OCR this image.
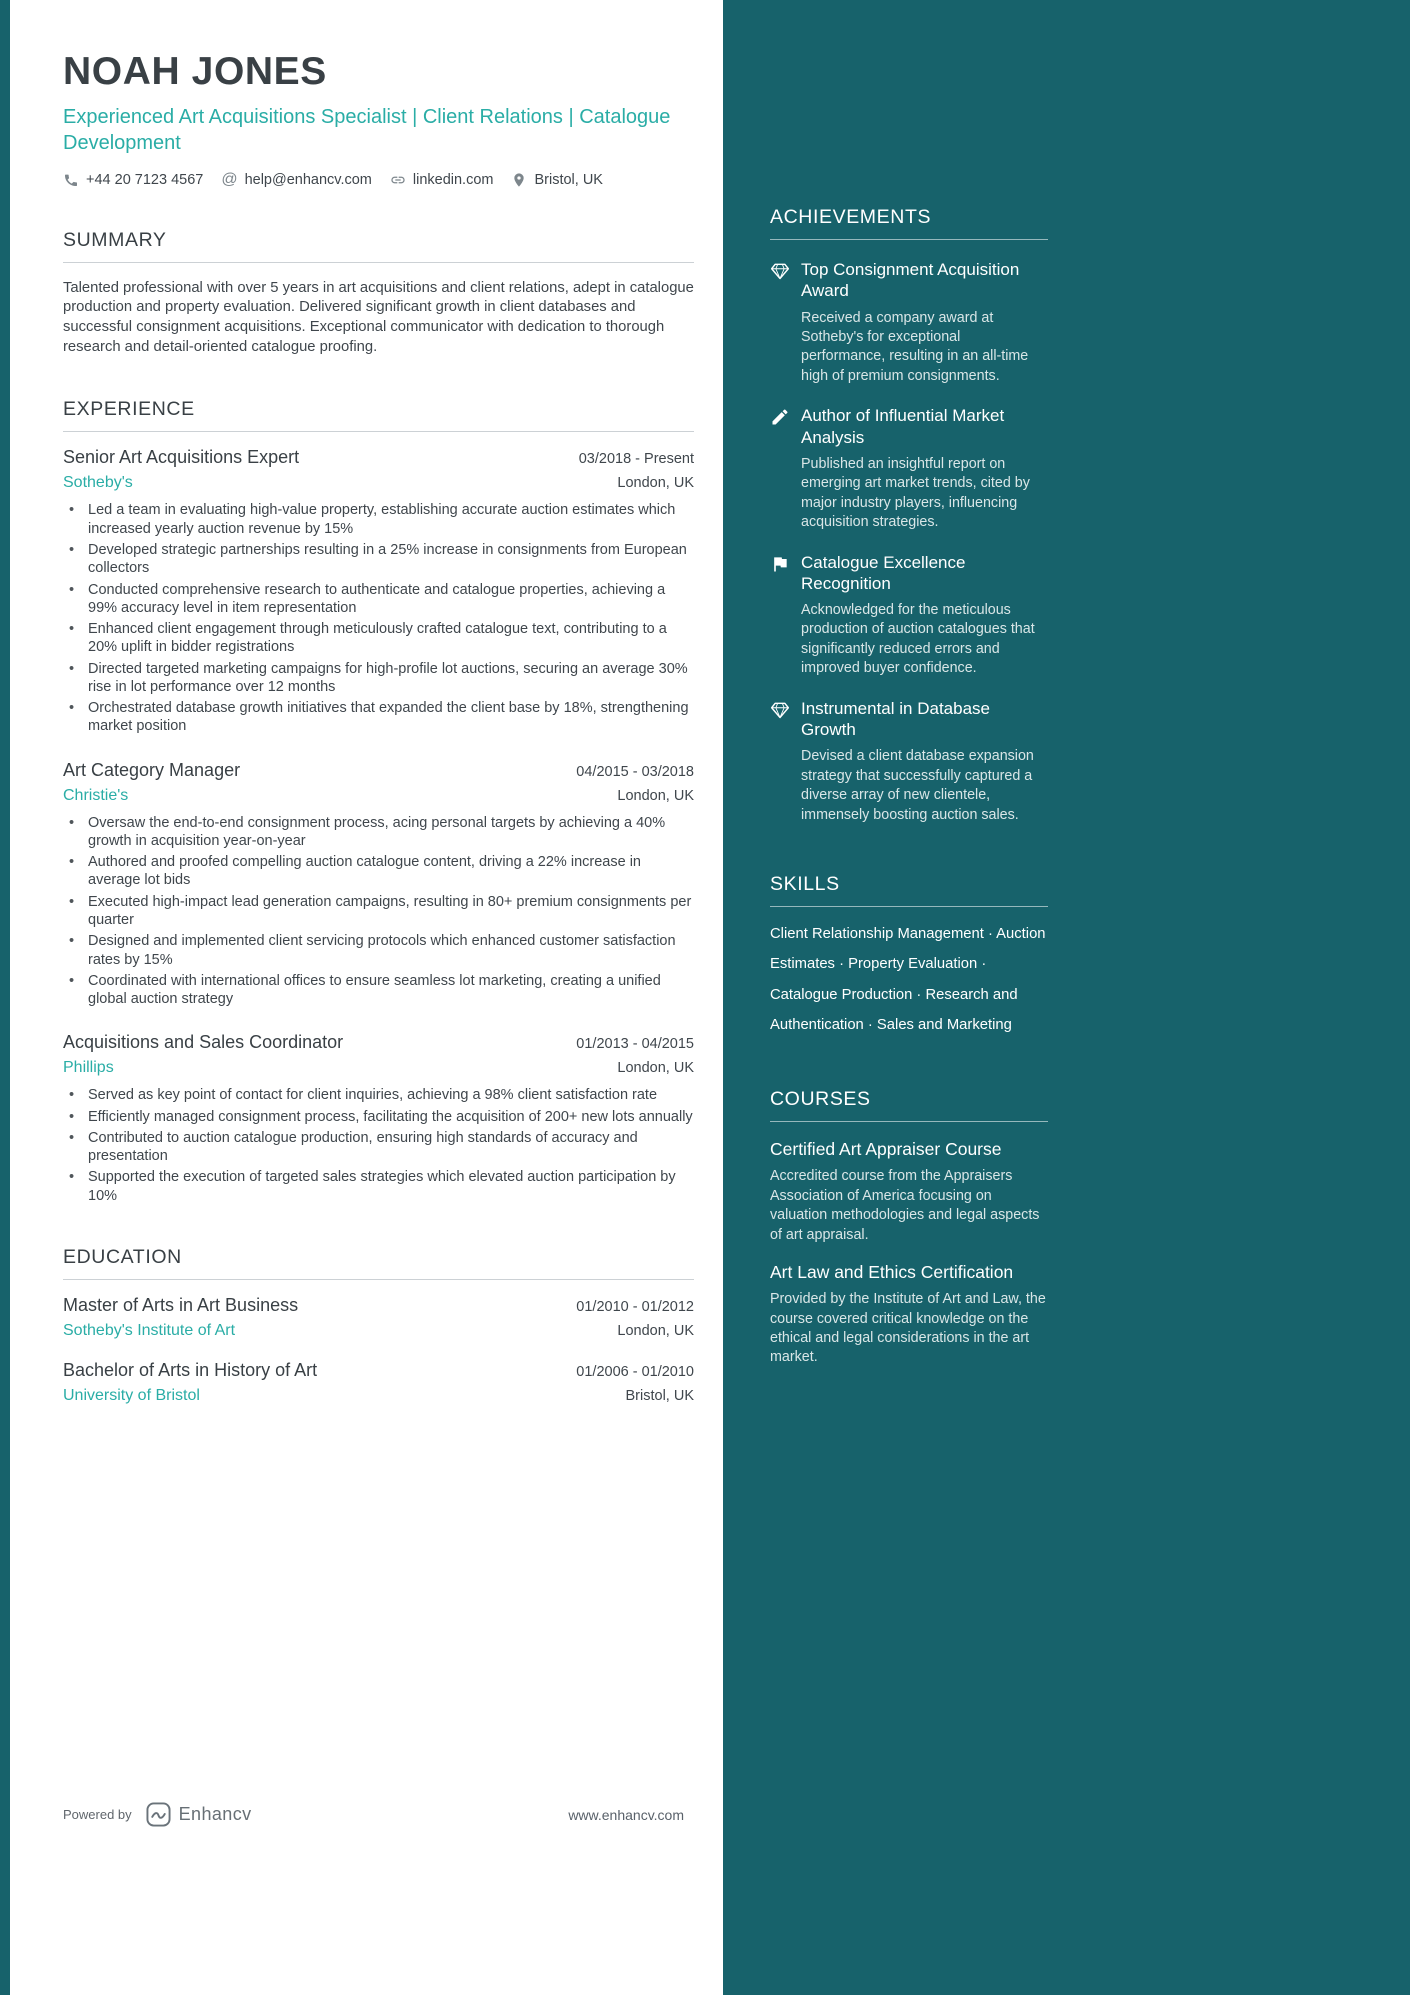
NOAH JONES
Experienced Art Acquisitions Specialist | Client Relations | Catalogue Development
+44 20 7123 4567 @ help@enhancv.com	linkedin.com	Bristol, UK
SUMMARY

Talented professional with over 5 years in art acquisitions and client relations, adept in catalogue production and property evaluation. Delivered significant growth in client databases and successful consignment acquisitions. Exceptional communicator with dedication to thorough research and detail-oriented catalogue proofing.

EXPERIENCE
Senior Art Acquisitions Expert	03/2018 - Present
Sotheby's	London, UK
• Led a team in evaluating high-value property, establishing accurate auction estimates which increased yearly auction revenue by 15%
• Developed strategic partnerships resulting in a 25% increase in consignments from European collectors
• Conducted comprehensive research to authenticate and catalogue properties, achieving a 99% accuracy level in item representation
• Enhanced client engagement through meticulously crafted catalogue text, contributing to a 20% uplift in bidder registrations
• Directed targeted marketing campaigns for high-profile lot auctions, securing an average 30% rise in lot performance over 12 months
• Orchestrated database growth initiatives that expanded the client base by 18%, strengthening market position
Art Category Manager	04/2015 - 03/2018
Christie's	London, UK
• Oversaw the end-to-end consignment process, acing personal targets by achieving a 40% growth in acquisition year-on-year
• Authored and proofed compelling auction catalogue content, driving a 22% increase in average lot bids
• Executed high-impact lead generation campaigns, resulting in 80+ premium consignments per quarter
• Designed and implemented client servicing protocols which enhanced customer satisfaction rates by 15%
• Coordinated with international offices to ensure seamless lot marketing, creating a unified global auction strategy
Acquisitions and Sales Coordinator	01/2013 - 04/2015
Phillips	London, UK
• Served as key point of contact for client inquiries, achieving a 98% client satisfaction rate
• Efficiently managed consignment process, facilitating the acquisition of 200+ new lots annually
• Contributed to auction catalogue production, ensuring high standards of accuracy and presentation
• Supported the execution of targeted sales strategies which elevated auction participation by 10%
EDUCATION
Master of Arts in Art Business	01/2010 - 01/2012
Sotheby's Institute of Art	London, UK
Bachelor of Arts in History of Art	01/2006 - 01/2010
University of Bristol	Bristol, UK
ACHIEVEMENTS
Top Consignment Acquisition Award
Received a company award at Sotheby's for exceptional performance, resulting in an all-time high of premium consignments.
Author of Influential Market Analysis
Published an insightful report on emerging art market trends, cited by major industry players, influencing acquisition strategies.
Catalogue Excellence Recognition
Acknowledged for the meticulous production of auction catalogues that significantly reduced errors and improved buyer confidence.
Instrumental in Database Growth
Devised a client database expansion strategy that successfully captured a diverse array of new clientele, immensely boosting auction sales.
SKILLS
Client Relationship Management · Auction Estimates · Property Evaluation · Catalogue Production · Research and Authentication · Sales and Marketing
COURSES
Certified Art Appraiser Course
Accredited course from the Appraisers Association of America focusing on valuation methodologies and legal aspects of art appraisal.
Art Law and Ethics Certification
Provided by the Institute of Art and Law, the course covered critical knowledge on the ethical and legal considerations in the art market.
Powered by	Enhancv	www.enhancv.com
